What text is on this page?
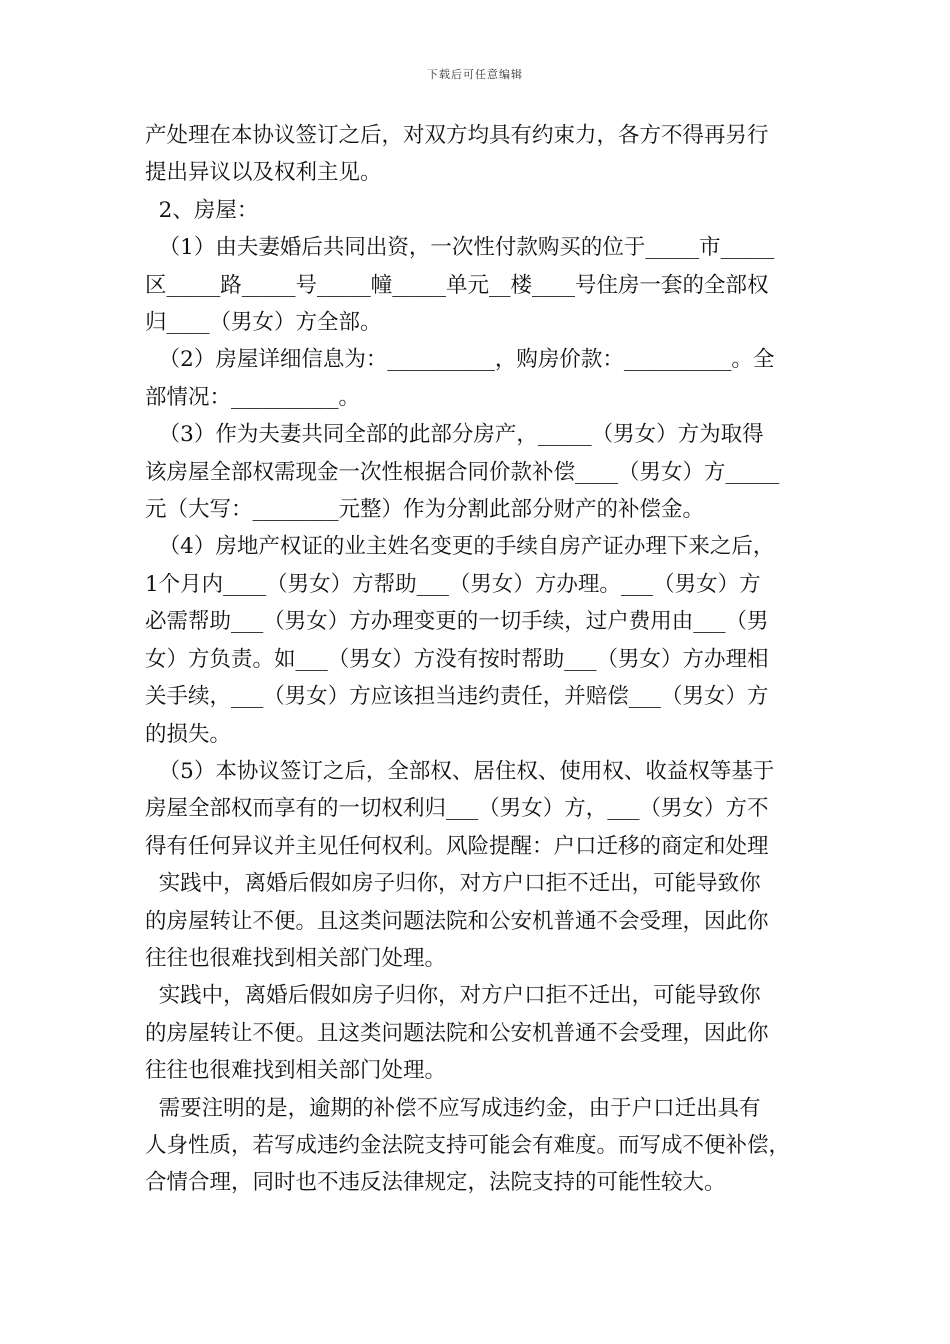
下载后可任意编辑

产处理在本协议签订之后，对双方均具有约束力，各方不得再另行

提出异议以及权利主见。

2、房屋：

（1）由夫妻婚后共同出资，一次性付款购买的位于_____市_____

区_____路_____号_____幢_____单元__楼____号住房一套的全部权

归____（男女）方全部。

（2）房屋详细信息为：__________，购房价款：__________。全

部情况：__________。

（3）作为夫妻共同全部的此部分房产，_____（男女）方为取得

该房屋全部权需现金一次性根据合同价款补偿____（男女）方_____

元（大写：________元整）作为分割此部分财产的补偿金。

（4）房地产权证的业主姓名变更的手续自房产证办理下来之后，

1个月内____（男女）方帮助___（男女）方办理。___（男女）方

必需帮助___（男女）方办理变更的一切手续，过户费用由___（男

女）方负责。如___（男女）方没有按时帮助___（男女）方办理相

关手续，___（男女）方应该担当违约责任，并赔偿___（男女）方

的损失。

（5）本协议签订之后，全部权、居住权、使用权、收益权等基于

房屋全部权而享有的一切权利归___（男女）方，___（男女）方不

得有任何异议并主见任何权利。风险提醒：户口迁移的商定和处理

实践中，离婚后假如房子归你，对方户口拒不迁出，可能导致你

的房屋转让不便。且这类问题法院和公安机普通不会受理，因此你

往往也很难找到相关部门处理。

实践中，离婚后假如房子归你，对方户口拒不迁出，可能导致你

的房屋转让不便。且这类问题法院和公安机普通不会受理，因此你

往往也很难找到相关部门处理。

需要注明的是，逾期的补偿不应写成违约金，由于户口迁出具有

人身性质，若写成违约金法院支持可能会有难度。而写成不便补偿，

合情合理，同时也不违反法律规定，法院支持的可能性较大。
